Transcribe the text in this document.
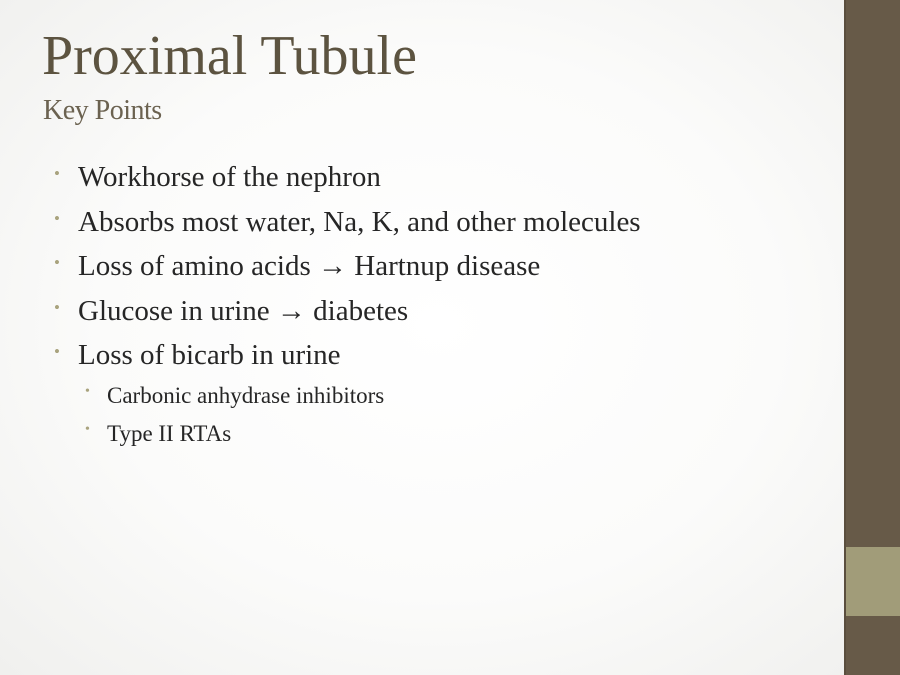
Proximal Tubule
Key Points
• Workhorse of the nephron
• Absorbs most water, Na, K, and other molecules
• Loss of amino acids → Hartnup disease
• Glucose in urine → diabetes
• Loss of bicarb in urine
• Carbonic anhydrase inhibitors
• Type II RTAs
